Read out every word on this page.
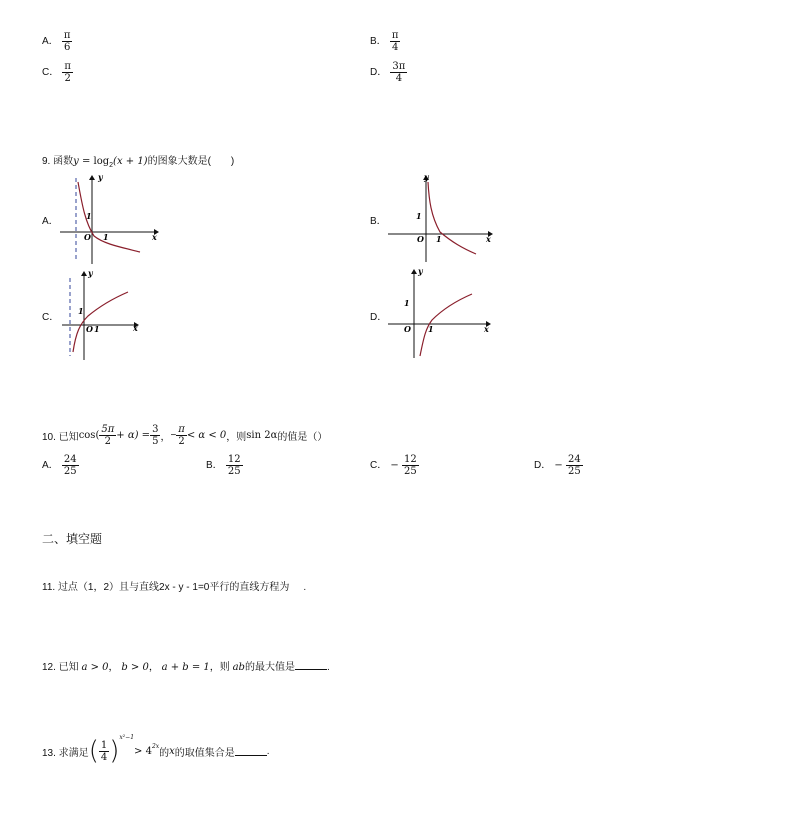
A． $\frac{\pi}{6}$	B． $\frac{\pi}{4}$
C． $\frac{\pi}{2}$	D． $\frac{3\pi}{4}$
9. 函数$y = \log_2(x + 1)$的图象大数是(　　)
A．
y
x
O 1
1	B．
y
x
O 1
1
C．
y
x
O 1
1
D．
y
x
O 1
1
10. 已知 $\cos( \frac{5\pi}{2} + \alpha) = \frac{3}{5}$ ， − $\frac{\pi}{2} < \alpha < 0$ ，则 sin 2α 的值是（）
A． $\frac{24}{25}$	B． $\frac{12}{25}$	C． − $\frac{12}{25}$	D． − $\frac{24}{25}$
二、填空题
11. 过点（1，2）且与直线2x - y - 1=0平行的直线方程为 .
12. 已知 a > 0， b > 0， a + b = 1，则 ab的最大值是	.
13. 求满足 ( $\frac{1}{4} )^{x^2-1}$
> $4^{2x}$
的 x 的取值集合是	.
